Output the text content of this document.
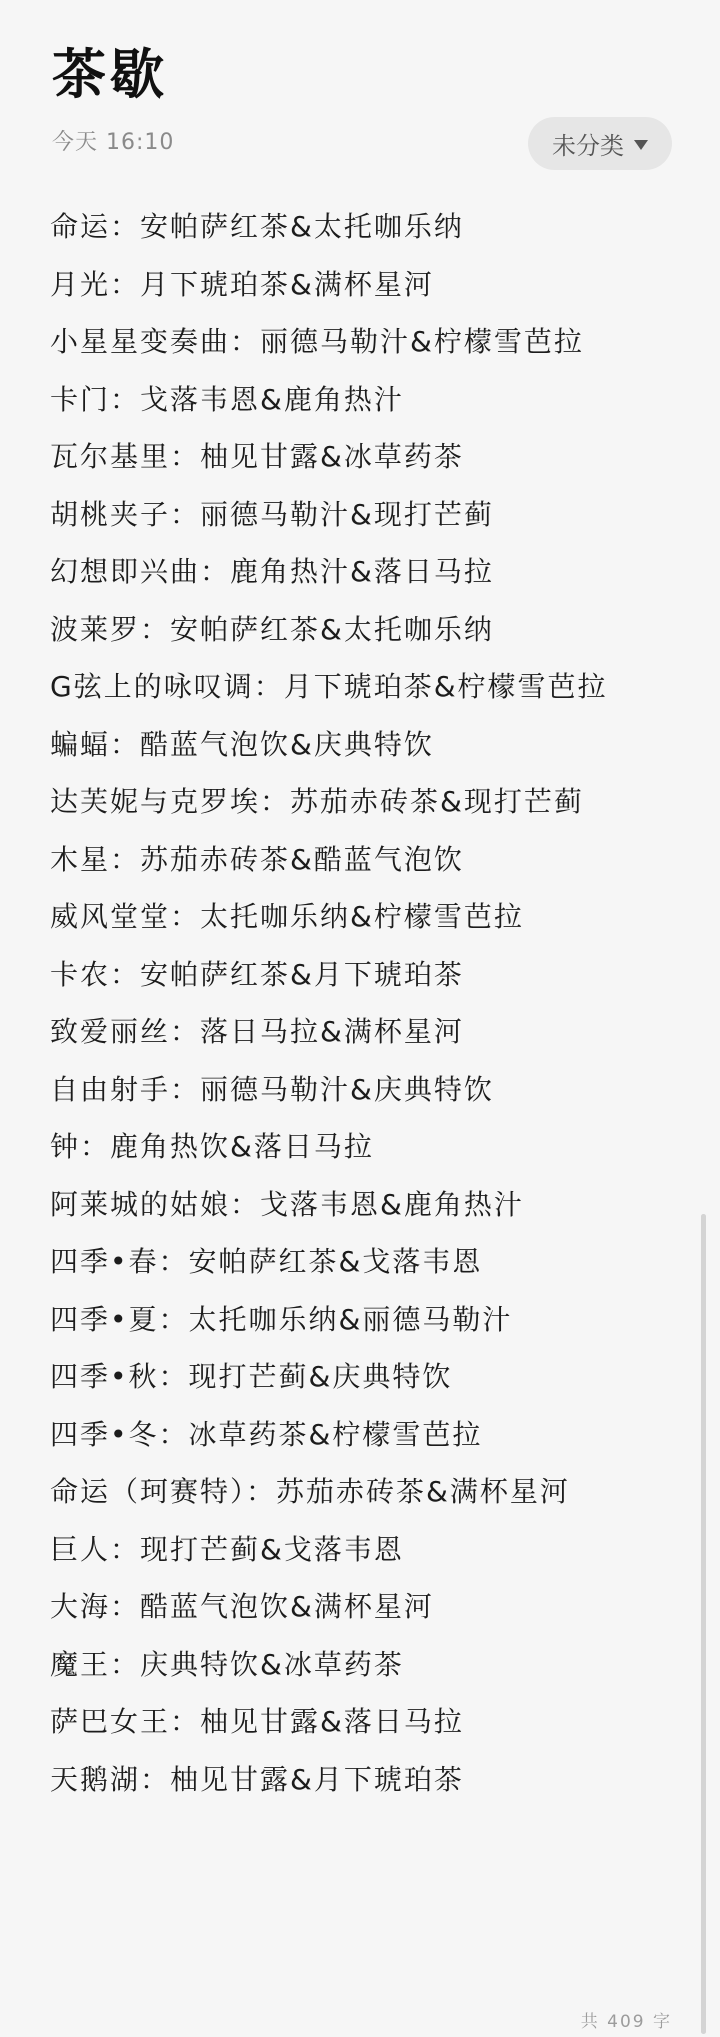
茶歇
今天 16:10	未分类
命运：安帕萨红茶&太托咖乐纳
月光：月下琥珀茶&满杯星河
小星星变奏曲：丽德马勒汁&柠檬雪芭拉
卡门：戈落韦恩&鹿角热汁
瓦尔基里：柚见甘露&冰草药茶
胡桃夹子：丽德马勒汁&现打芒蓟
幻想即兴曲：鹿角热汁&落日马拉
波莱罗：安帕萨红茶&太托咖乐纳
G弦上的咏叹调：月下琥珀茶&柠檬雪芭拉
蝙蝠：酷蓝气泡饮&庆典特饮
达芙妮与克罗埃：苏茄赤砖茶&现打芒蓟
木星：苏茄赤砖茶&酷蓝气泡饮
威风堂堂：太托咖乐纳&柠檬雪芭拉
卡农：安帕萨红茶&月下琥珀茶
致爱丽丝：落日马拉&满杯星河
自由射手：丽德马勒汁&庆典特饮
钟：鹿角热饮&落日马拉
阿莱城的姑娘：戈落韦恩&鹿角热汁
四季•春：安帕萨红茶&戈落韦恩
四季•夏：太托咖乐纳&丽德马勒汁
四季•秋：现打芒蓟&庆典特饮
四季•冬：冰草药茶&柠檬雪芭拉
命运（珂赛特）：苏茄赤砖茶&满杯星河
巨人：现打芒蓟&戈落韦恩
大海：酷蓝气泡饮&满杯星河
魔王：庆典特饮&冰草药茶
萨巴女王：柚见甘露&落日马拉
天鹅湖：柚见甘露&月下琥珀茶
共 409 字
